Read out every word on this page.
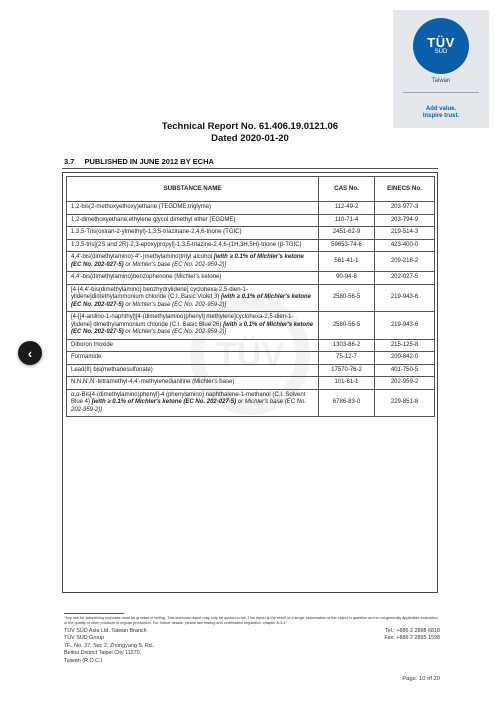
TÜV
SÜD
Taiwan
Add value.
Inspire trust.
Technical Report No. 61.406.19.0121.06
Dated 2020-01-20
3.7 PUBLISHED IN JUNE 2012 BY ECHA
TÜV
SUBSTANCE NAME	CAS No.	EINECS No.
1,2-bis(2-methoxyethoxy)ethane (TEGDME,triglyme)	112-49-2	203-977-3
1,2-dimethoxyethane,ethylene glycol dimethyl ether (EGDME)	110-71-4	203-794-9
1,3,5-Tris(oxiran-2-ylmethyl)-1,3,5-triazinane-2,4,6-trione (TGIC)	2451-62-9	219-514-3
1,3,5-tris[(2S and 2R)-2,3-epoxypropyl]-1,3,5-triazine-2,4,6-(1H,3H,5H)-trione (β-TGIC)	59653-74-6	423-400-0
4,4'-bis(dimethylamino)-4''-(methylamino)trityl alcohol [with ≥ 0.1% of Michler's ketone (EC No. 202-027-5) or Michler's base (EC No. 202-959-2)]	561-41-1	209-218-2
4,4'-bis(dimethylamino)benzophenone (Michler's ketone)	90-94-8	202-027-5
[4-[4,4'-bis(dimethylamino) benzhydrylidene] cyclohexa-2,5-dien-1-ylidene]dimethylammonium chloride (C.I. Basic Violet 3) [with ≥ 0.1% of Michler's ketone (EC No. 202-027-5) or Michler's base (EC No. 202-959-2)]	2580-56-5	219-943-6
[4-[[4-anilino-1-naphthyl][4-(dimethylamino)phenyl] methylene]cyclohexa-2,5-dien-1-ylidene] dimethylammonium chloride (C.I. Basic Blue 26) [with ≥ 0.1% of Michler's ketone (EC No. 202-027-5) or Michler's base (EC No. 202-959-2)]	2580-56-5	219-943-6
Diboron trioxide	1303-86-2	215-125-8
Formamide	75-12-7	200-842-0
Lead(II) bis(methanesulfonate)	17570-76-2	401-750-5
N,N,N',N'-tetramethyl-4,4'-methylenedianiline (Michler's base)	101-61-1	202-959-2
α,α-Bis[4-(dimethylamino)phenyl]-4 (phenylamino) naphthalene-1-methanol (C.I. Solvent Blue 4) [with ≥ 0.1% of Michler's ketone (EC No. 202-027-5) or Michler's base (EC No. 202-959-2)]	6786-83-0	229-851-8
‹
"Any use for advertising purposes must be granted in writing. This technical report may only be quoted in full. This report is the result of a single examination of the object in question and is not generally applicable evaluation of the quality of other products in regular production. For further details, please see testing and certification regulation, chapter A-3.4."
TÜV SÜD Asia Ltd. Taiwan Branch
TÜV SÜD Group
7F., No. 37, Sec 2, Zhongyang S. Rd.,
Beitou District Taipei City 11270,
Taiwan (R.O.C.)
Tel.: +886 2 2898 6818
Fax: +886 2 2895 1598
Page: 10 of 20
